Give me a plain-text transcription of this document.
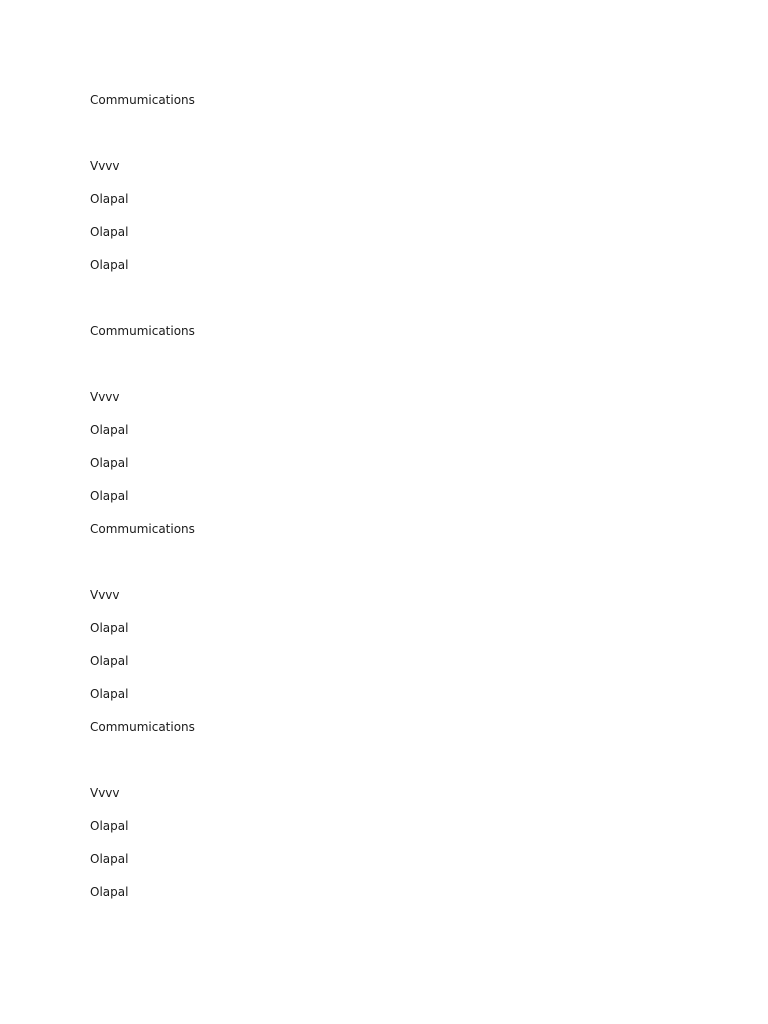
Commumications
Vvvv
Olapal
Olapal
Olapal
Commumications
Vvvv
Olapal
Olapal
Olapal
Commumications
Vvvv
Olapal
Olapal
Olapal
Commumications
Vvvv
Olapal
Olapal
Olapal
